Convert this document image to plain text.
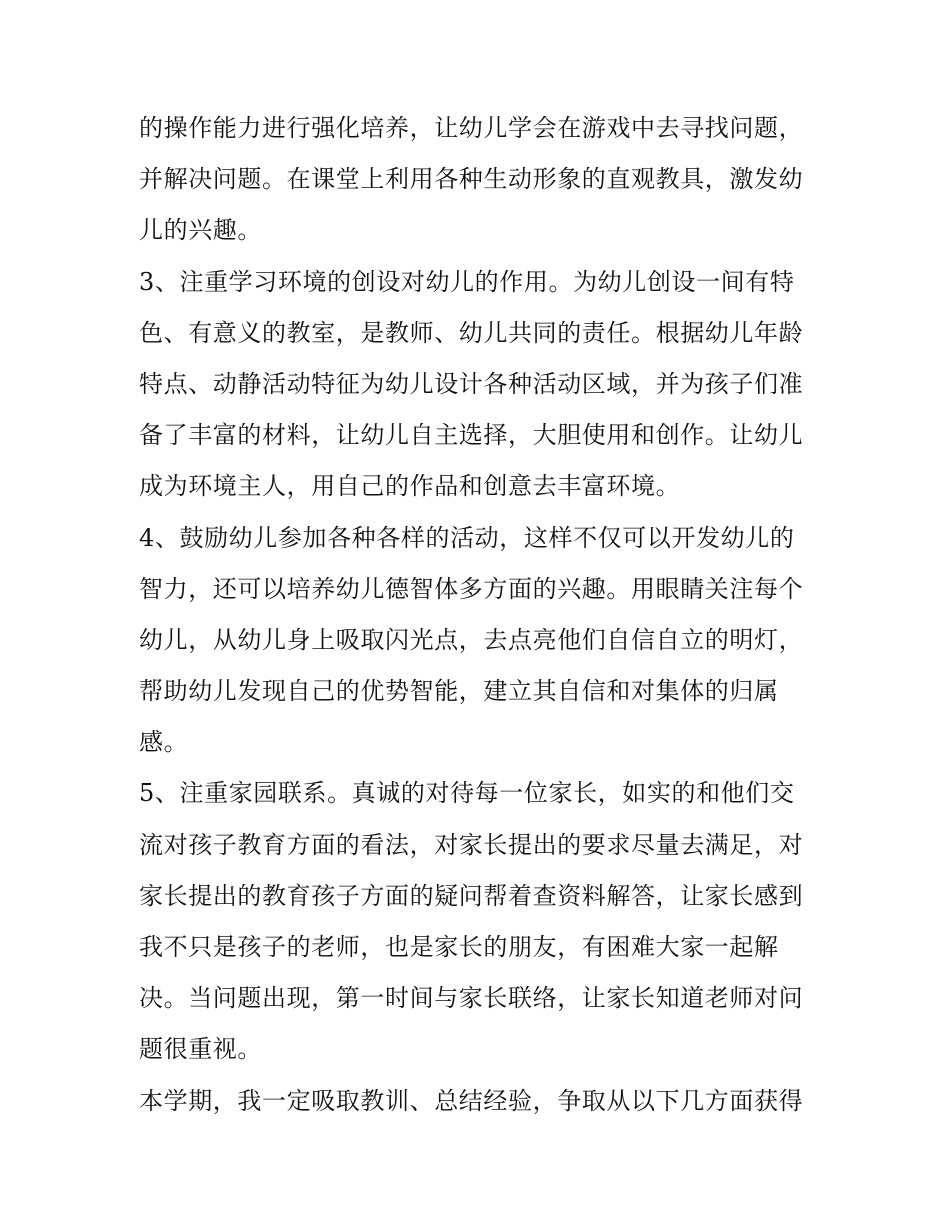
的操作能力进行强化培养，让幼儿学会在游戏中去寻找问题，
并解决问题。在课堂上利用各种生动形象的直观教具，激发幼
儿的兴趣。
3、注重学习环境的创设对幼儿的作用。为幼儿创设一间有特
色、有意义的教室，是教师、幼儿共同的责任。根据幼儿年龄
特点、动静活动特征为幼儿设计各种活动区域，并为孩子们准
备了丰富的材料，让幼儿自主选择，大胆使用和创作。让幼儿
成为环境主人，用自己的作品和创意去丰富环境。
4、鼓励幼儿参加各种各样的活动，这样不仅可以开发幼儿的
智力，还可以培养幼儿德智体多方面的兴趣。用眼睛关注每个
幼儿，从幼儿身上吸取闪光点，去点亮他们自信自立的明灯，
帮助幼儿发现自己的优势智能，建立其自信和对集体的归属
感。
5、注重家园联系。真诚的对待每一位家长，如实的和他们交
流对孩子教育方面的看法，对家长提出的要求尽量去满足，对
家长提出的教育孩子方面的疑问帮着查资料解答，让家长感到
我不只是孩子的老师，也是家长的朋友，有困难大家一起解
决。当问题出现，第一时间与家长联络，让家长知道老师对问
题很重视。
本学期，我一定吸取教训、总结经验，争取从以下几方面获得
